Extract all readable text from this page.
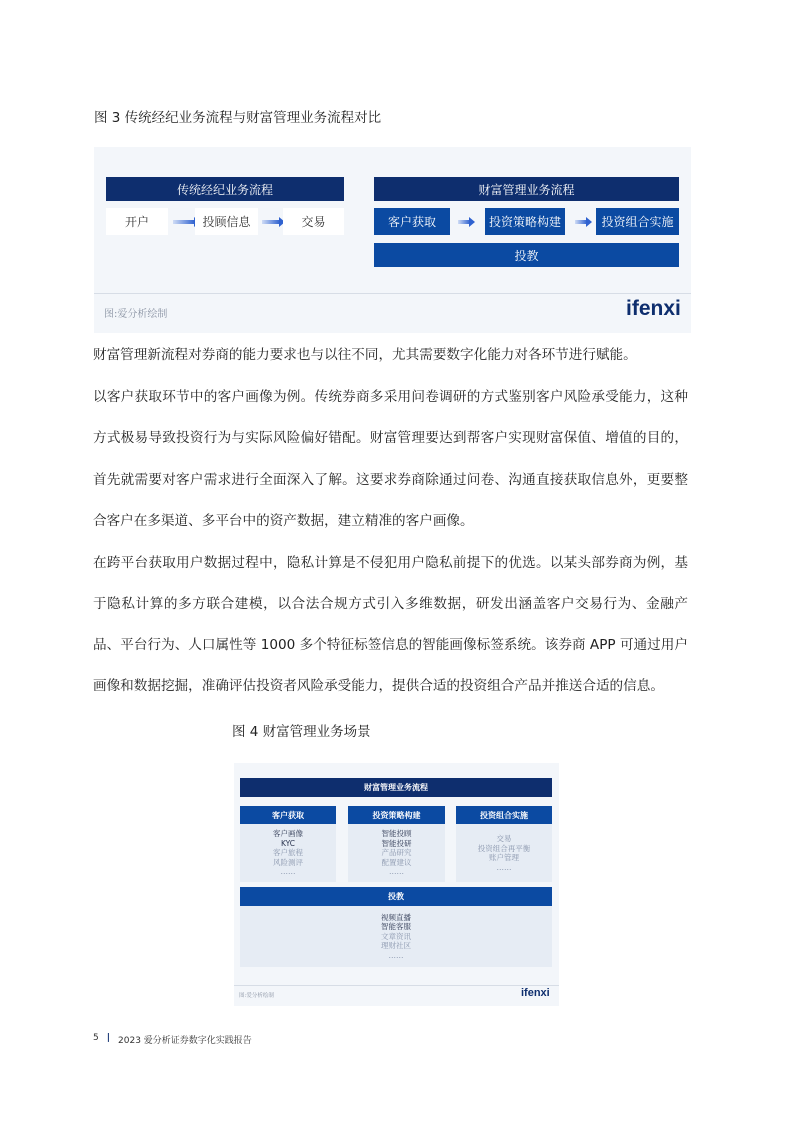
图 3 传统经纪业务流程与财富管理业务流程对比
传统经纪业务流程
开户	投顾信息	交易
财富管理业务流程
客户获取	投资策略构建	投资组合实施
投教
图:爱分析绘制	ifenxi
财富管理新流程对券商的能力要求也与以往不同，尤其需要数字化能力对各环节进行赋能。
以客户获取环节中的客户画像为例。传统券商多采用问卷调研的方式鉴别客户风险承受能力，这种
方式极易导致投资行为与实际风险偏好错配。财富管理要达到帮客户实现财富保值、增值的目的，
首先就需要对客户需求进行全面深入了解。这要求券商除通过问卷、沟通直接获取信息外，更要整
合客户在多渠道、多平台中的资产数据，建立精准的客户画像。
在跨平台获取用户数据过程中，隐私计算是不侵犯用户隐私前提下的优选。以某头部券商为例，基
于隐私计算的多方联合建模，以合法合规方式引入多维数据，研发出涵盖客户交易行为、金融产
品、平台行为、人口属性等 1000 多个特征标签信息的智能画像标签系统。该券商 APP 可通过用户
画像和数据挖掘，准确评估投资者风险承受能力，提供合适的投资组合产品并推送合适的信息。
图 4 财富管理业务场景
财富管理业务流程
客户获取
客户画像
KYC
客户旅程
风险测评
……
投资策略构建
智能投顾
智能投研
产品研究
配置建议
……
投资组合实施
交易
投资组合再平衡
账户管理
……
投教
视频直播
智能客服
文章资讯
理财社区
……
图:爱分析绘制	ifenxi
5 | 2023 爱分析证券数字化实践报告
